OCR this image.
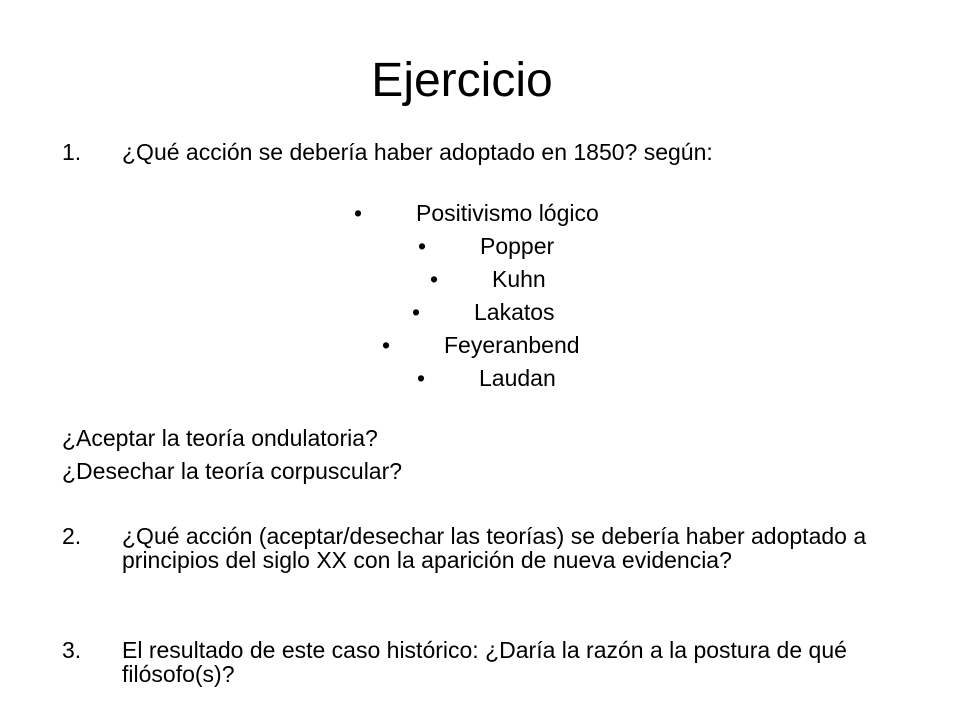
Ejercicio
1. ¿Qué acción se debería haber adoptado en 1850? según:
• Positivismo lógico
• Popper
• Kuhn
• Lakatos
• Feyeranbend
• Laudan
¿Aceptar la teoría ondulatoria?
¿Desechar la teoría corpuscular?
2. ¿Qué acción (aceptar/desechar las teorías) se debería haber adoptado a principios del siglo XX con la aparición de nueva evidencia?
3. El resultado de este caso histórico: ¿Daría la razón a la postura de qué filósofo(s)?
